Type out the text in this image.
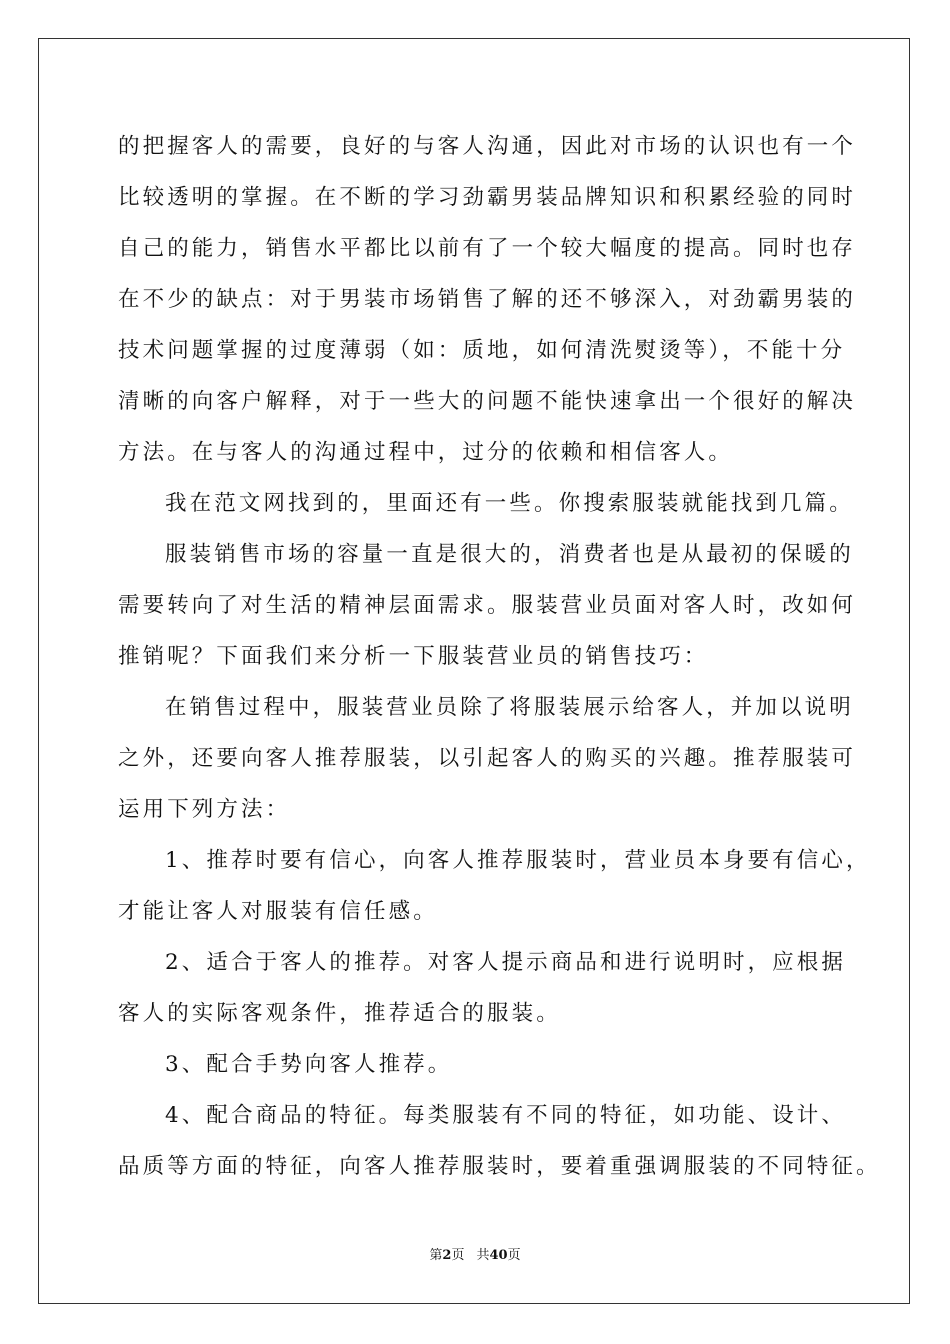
的把握客人的需要，良好的与客人沟通，因此对市场的认识也有一个
比较透明的掌握。在不断的学习劲霸男装品牌知识和积累经验的同时
自己的能力，销售水平都比以前有了一个较大幅度的提高。同时也存
在不少的缺点：对于男装市场销售了解的还不够深入，对劲霸男装的
技术问题掌握的过度薄弱（如：质地，如何清洗熨烫等），不能十分
清晰的向客户解释，对于一些大的问题不能快速拿出一个很好的解决
方法。在与客人的沟通过程中，过分的依赖和相信客人。
我在范文网找到的，里面还有一些。你搜索服装就能找到几篇。
服装销售市场的容量一直是很大的，消费者也是从最初的保暖的
需要转向了对生活的精神层面需求。服装营业员面对客人时，改如何
推销呢？下面我们来分析一下服装营业员的销售技巧：
在销售过程中，服装营业员除了将服装展示给客人，并加以说明
之外，还要向客人推荐服装，以引起客人的购买的兴趣。推荐服装可
运用下列方法：
1、推荐时要有信心，向客人推荐服装时，营业员本身要有信心，
才能让客人对服装有信任感。
2、适合于客人的推荐。对客人提示商品和进行说明时，应根据
客人的实际客观条件，推荐适合的服装。
3、配合手势向客人推荐。
4、配合商品的特征。每类服装有不同的特征，如功能、设计、
品质等方面的特征，向客人推荐服装时，要着重强调服装的不同特征。
第2页 共40页
